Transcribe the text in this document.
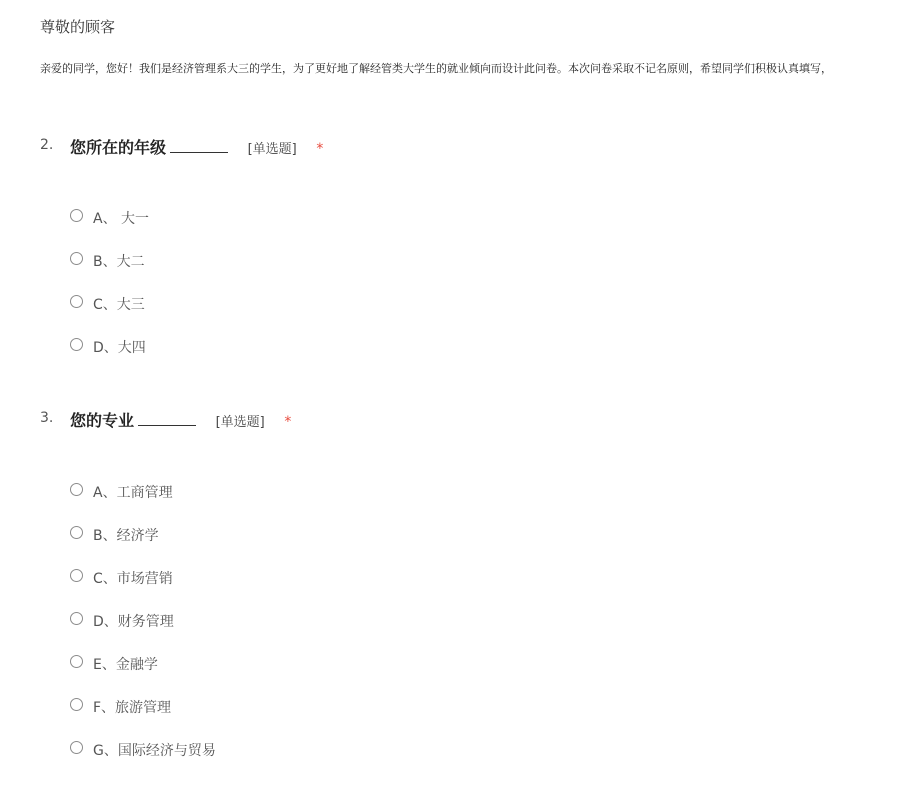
尊敬的顾客
亲爱的同学，您好！我们是经济管理系大三的学生，为了更好地了解经管类大学生的就业倾向而设计此问卷。本次问卷采取不记名原则，希望同学们积极认真填写，
2. 您所在的年级	[单选题] *
A、 大一
B、大二
C、大三
D、大四
3. 您的专业	[单选题] *
A、工商管理
B、经济学
C、市场营销
D、财务管理
E、金融学
F、旅游管理
G、国际经济与贸易
